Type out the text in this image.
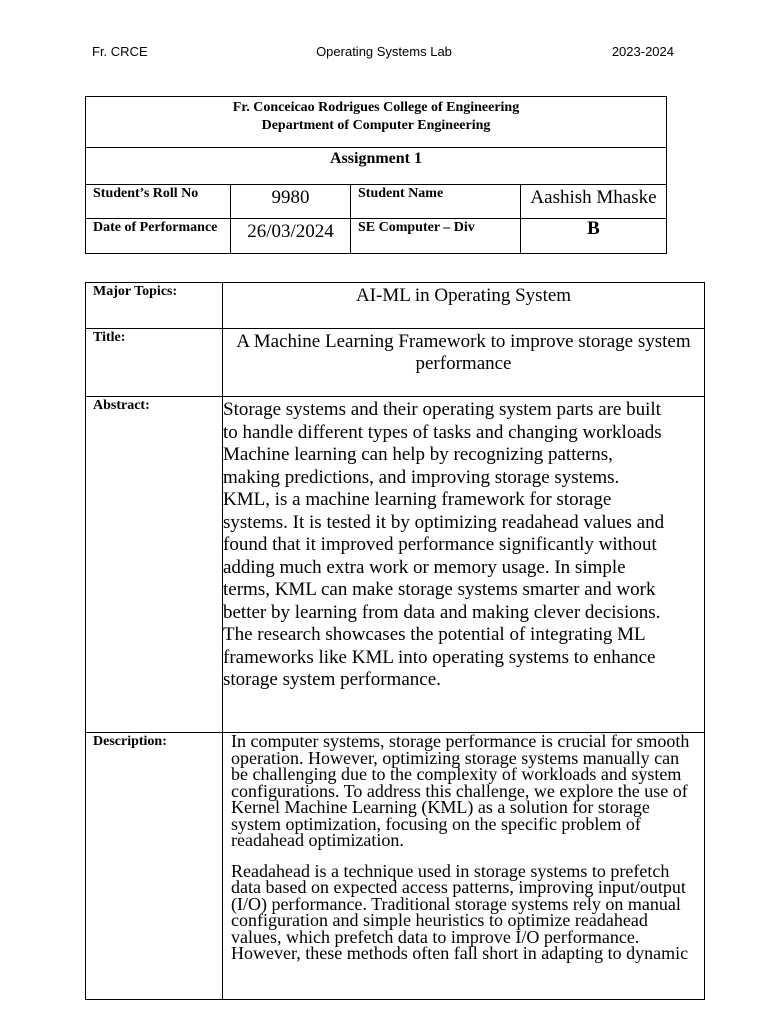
Fr. CRCE	Operating Systems Lab	2023-2024
Fr. Conceicao Rodrigues College of Engineering
Department of Computer Engineering
Assignment 1
Student’s Roll No	9980	Student Name	Aashish Mhaske
Date of Performance	26/03/2024	SE Computer – Div	B
Major Topics:	AI-ML in Operating System
Title:	A Machine Learning Framework to improve storage system performance
Abstract:	Storage systems and their operating system parts are built
to handle different types of tasks and changing workloads
Machine learning can help by recognizing patterns,
making predictions, and improving storage systems.
KML, is a machine learning framework for storage
systems. It is tested it by optimizing readahead values and
found that it improved performance significantly without
adding much extra work or memory usage. In simple
terms, KML can make storage systems smarter and work
better by learning from data and making clever decisions.
The research showcases the potential of integrating ML
frameworks like KML into operating systems to enhance
storage system performance.
Description:	In computer systems, storage performance is crucial for smooth operation. However, optimizing storage systems manually can be challenging due to the complexity of workloads and system configurations. To address this challenge, we explore the use of Kernel Machine Learning (KML) as a solution for storage system optimization, focusing on the specific problem of readahead optimization.

Readahead is a technique used in storage systems to prefetch data based on expected access patterns, improving input/output (I/O) performance. Traditional storage systems rely on manual configuration and simple heuristics to optimize readahead values, which prefetch data to improve I/O performance. However, these methods often fall short in adapting to dynamic
